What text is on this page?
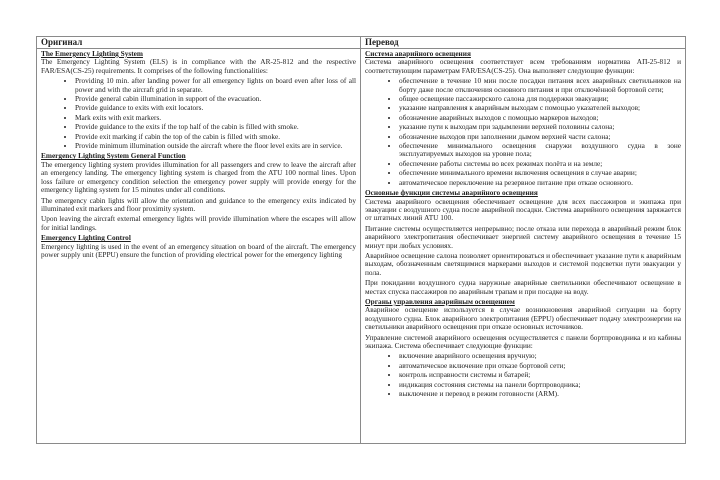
Оригинал
The Emergency Lighting System

The Emergency Lighting System (ELS) is in compliance with the AR-25-812 and the respective FAR/ESA(CS-25) requirements. It comprises of the following functionalities:

• Providing 10 min. after landing power for all emergency lights on board even after loss of all power and with the aircraft grid in separate.
• Provide general cabin illumination in support of the evacuation.
• Provide guidance to exits with exit locators.
• Mark exits with exit markers.
• Provide guidance to the exits if the top half of the cabin is filled with smoke.
• Provide exit marking if cabin the top of the cabin is filled with smoke.
• Provide minimum illumination outside the aircraft where the floor level exits are in service.
Emergency Lighting System General Function

The emergency lighting system provides illumination for all passengers and crew to leave the aircraft after an emergency landing. The emergency lighting system is charged from the ATU 100 normal lines. Upon loss failure or emergency condition selection the emergency power supply will provide energy for the emergency lighting system for 15 minutes under all conditions.

The emergency cabin lights will allow the orientation and guidance to the emergency exits indicated by illuminated exit markers and floor proximity system.

Upon leaving the aircraft external emergency lights will provide illumination where the escapes will allow for initial landings.

Emergency Lighting Control

Emergency lighting is used in the event of an emergency situation on board of the aircraft. The emergency power supply unit (EPPU) ensure the function of providing electrical power for the emergency lighting

Перевод
Система аварийного освещения

Система аварийного освещения соответствует всем требованиям норматива АП-25-812 и соответствующим параметрам FAR/ESA(CS-25). Она выполняет следующие функции:

• обеспечение в течение 10 мин после посадки питания всех аварийных светильников на борту даже после отключения основного питания и при отключённой бортовой сети;
• общее освещение пассажирского салона для поддержки эвакуации;
• указание направления к аварийным выходам с помощью указателей выходов;
• обозначение аварийных выходов с помощью маркеров выходов;
• указание пути к выходам при задымлении верхней половины салона;
• обозначение выходов при заполнении дымом верхней части салона;
• обеспечение минимального освещения снаружи воздушного судна в зоне эксплуатируемых выходов на уровне пола;
• обеспечение работы системы во всех режимах полёта и на земле;
• обеспечение минимального времени включения освещения в случае аварии;
• автоматическое переключение на резервное питание при отказе основного.
Основные функции системы аварийного освещения

Система аварийного освещения обеспечивает освещение для всех пассажиров и экипажа при эвакуации с воздушного судна после аварийной посадки. Система аварийного освещения заряжается от штатных линий АТU 100.

Питание системы осуществляется непрерывно; после отказа или перехода в аварийный режим блок аварийного электропитания обеспечивает энергией систему аварийного освещения в течение 15 минут при любых условиях.

Аварийное освещение салона позволяет ориентироваться и обеспечивает указание пути к аварийным выходам, обозначенным светящимися маркерами выходов и системой подсветки пути эвакуации у пола.

При покидании воздушного судна наружные аварийные светильники обеспечивают освещение в местах спуска пассажиров по аварийным трапам и при посадке на воду.

Органы управления аварийным освещением

Аварийное освещение используется в случае возникновения аварийной ситуации на борту воздушного судна. Блок аварийного электропитания (EPPU) обеспечивает подачу электроэнергии на светильники аварийного освещения при отказе основных источников.

Управление системой аварийного освещения осуществляется с панели бортпроводника и из кабины экипажа. Система обеспечивает следующие функции:

• включение аварийного освещения вручную;
• автоматическое включение при отказе бортовой сети;
• контроль исправности системы и батарей;
• индикация состояния системы на панели бортпроводника;
• выключение и перевод в режим готовности (ARM).
